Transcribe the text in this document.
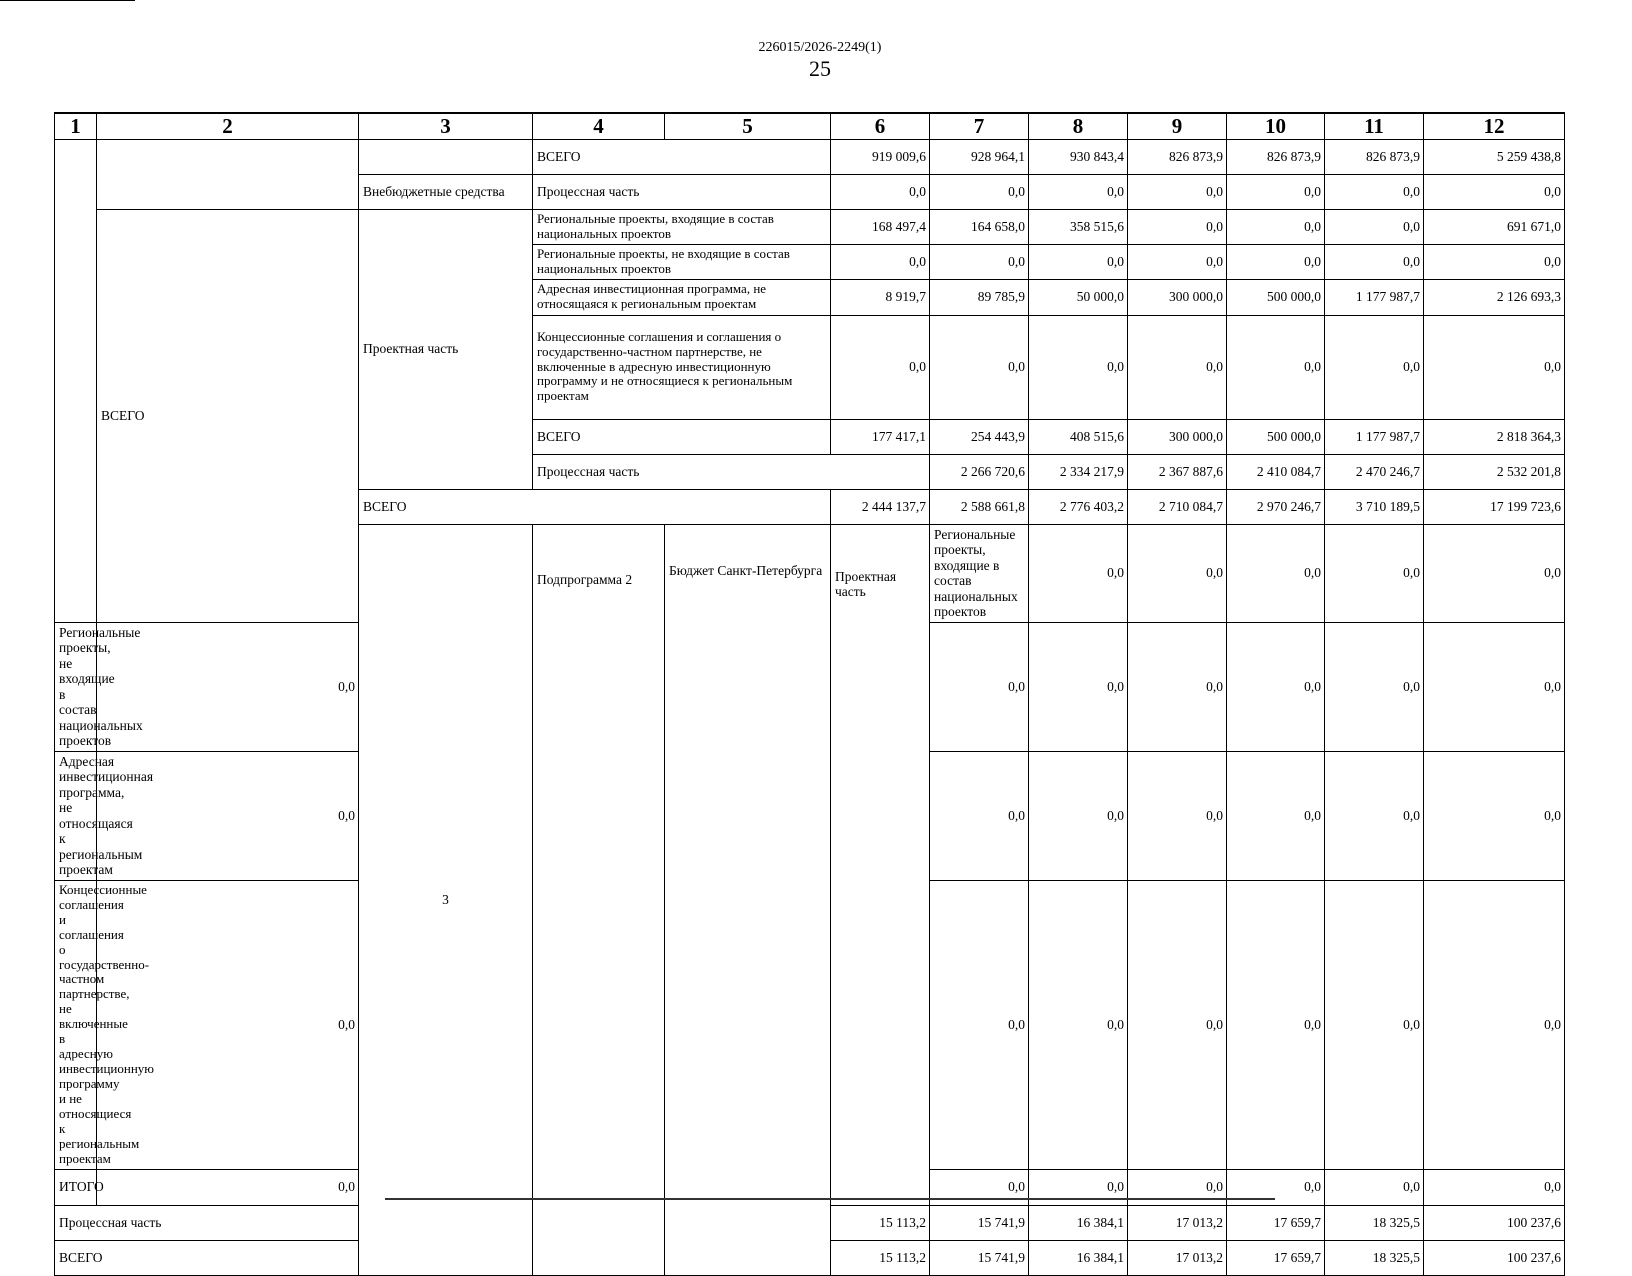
226015/2026-2249(1)
25
1	2	3	4	5	6	7	8	9	10	11	12	
			ВСЕГО		919 009,6	928 964,1	930 843,4	826 873,9	826 873,9	826 873,9	5 259 438,8	
		Внебюджетные средства	Процессная часть		0,0	0,0	0,0	0,0	0,0	0,0	0,0	
	ВСЕГО	Проектная часть	Региональные проекты, входящие в состав национальных проектов		168 497,4	164 658,0	358 515,6	0,0	0,0	0,0	691 671,0	
			Региональные проекты, не входящие в состав национальных проектов		0,0	0,0	0,0	0,0	0,0	0,0	0,0	
			Адресная инвестиционная программа, не относящаяся к региональным проектам		8 919,7	89 785,9	50 000,0	300 000,0	500 000,0	1 177 987,7	2 126 693,3	
			Концессионные соглашения и соглашения о государственно-частном партнерстве, не включенные в адресную инвестиционную программу и не относящиеся к региональным проектам		0,0	0,0	0,0	0,0	0,0	0,0	0,0	
			ВСЕГО		177 417,1	254 443,9	408 515,6	300 000,0	500 000,0	1 177 987,7	2 818 364,3	
			Процессная часть			2 266 720,6	2 334 217,9	2 367 887,6	2 410 084,7	2 470 246,7	2 532 201,8	
		ВСЕГО			2 444 137,7	2 588 661,8	2 776 403,2	2 710 084,7	2 970 246,7	3 710 189,5	17 199 723,6	
		3	Подпрограмма 2	Бюджет Санкт-Петербурга	Проектная часть	Региональные проекты, входящие в состав национальных проектов	0,0	0,0	0,0	0,0	0,0		
Региональные проекты, не входящие в состав национальных проектов	0,0					0,0	0,0	0,0	0,0	0,0	0,0	
Адресная инвестиционная программа, не относящаяся к региональным проектам	0,0					0,0	0,0	0,0	0,0	0,0	0,0	
Концессионные соглашения и соглашения о государственно-частном партнерстве, не включенные в адресную инвестиционную программу и не относящиеся к региональным проектам	0,0					0,0	0,0	0,0	0,0	0,0	0,0	
ИТОГО	0,0					0,0	0,0	0,0	0,0	0,0	0,0	
Процессная часть					15 113,2	15 741,9	16 384,1	17 013,2	17 659,7	18 325,5	100 237,6	
ВСЕГО					15 113,2	15 741,9	16 384,1	17 013,2	17 659,7	18 325,5	100 237,6	
